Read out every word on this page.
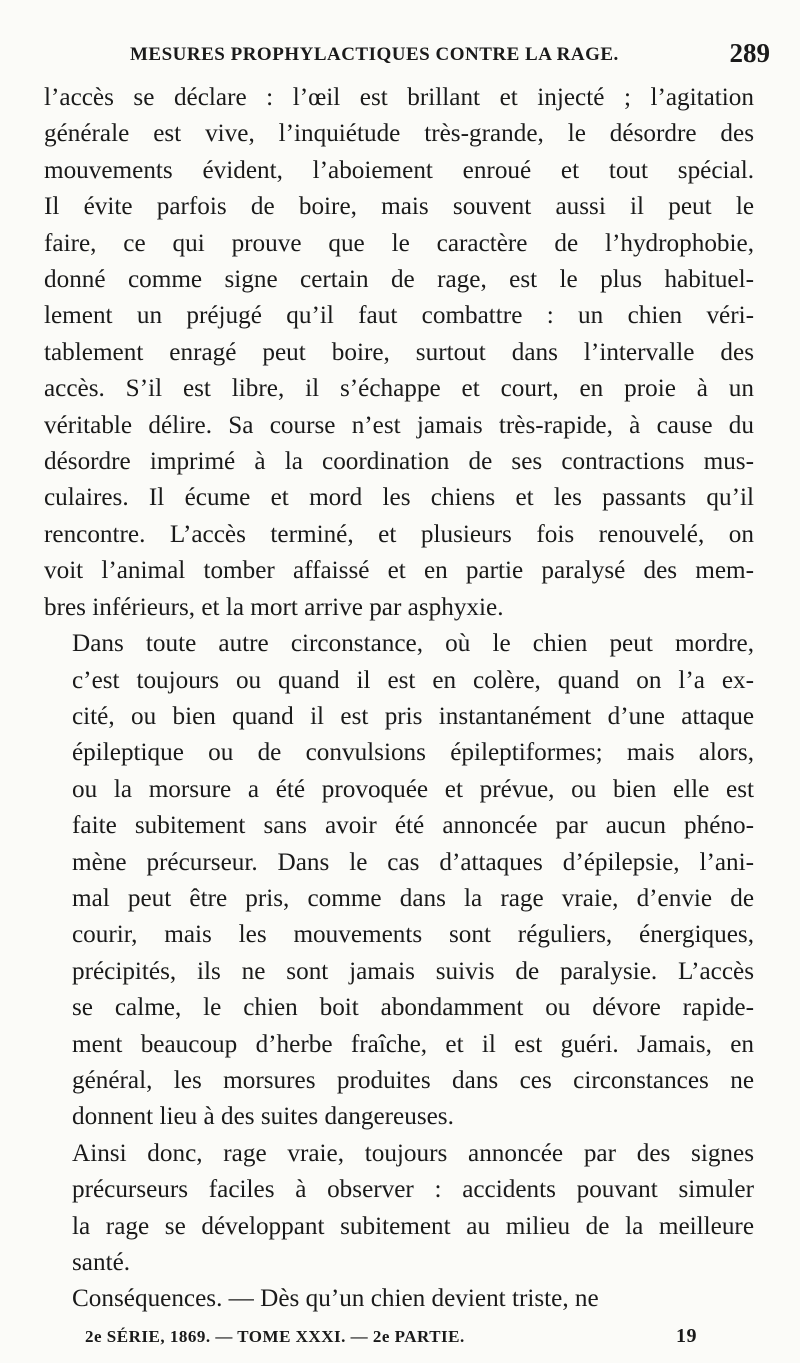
MESURES PROPHYLACTIQUES CONTRE LA RAGE.	289
l’accès se déclare : l’œil est brillant et injecté ; l’agitation
générale est vive, l’inquiétude très-grande, le désordre des
mouvements évident, l’aboiement enroué et tout spécial.
Il évite parfois de boire, mais souvent aussi il peut le
faire, ce qui prouve que le caractère de l’hydrophobie,
donné comme signe certain de rage, est le plus habituel-
lement un préjugé qu’il faut combattre : un chien véri-
tablement enragé peut boire, surtout dans l’intervalle des
accès. S’il est libre, il s’échappe et court, en proie à un
véritable délire. Sa course n’est jamais très-rapide, à cause du
désordre imprimé à la coordination de ses contractions mus-
culaires. Il écume et mord les chiens et les passants qu’il
rencontre. L’accès terminé, et plusieurs fois renouvelé, on
voit l’animal tomber affaissé et en partie paralysé des mem-
bres inférieurs, et la mort arrive par asphyxie.
Dans toute autre circonstance, où le chien peut mordre,
c’est toujours ou quand il est en colère, quand on l’a ex-
cité, ou bien quand il est pris instantanément d’une attaque
épileptique ou de convulsions épileptiformes; mais alors,
ou la morsure a été provoquée et prévue, ou bien elle est
faite subitement sans avoir été annoncée par aucun phéno-
mène précurseur. Dans le cas d’attaques d’épilepsie, l’ani-
mal peut être pris, comme dans la rage vraie, d’envie de
courir, mais les mouvements sont réguliers, énergiques,
précipités, ils ne sont jamais suivis de paralysie. L’accès
se calme, le chien boit abondamment ou dévore rapide-
ment beaucoup d’herbe fraîche, et il est guéri. Jamais, en
général, les morsures produites dans ces circonstances ne
donnent lieu à des suites dangereuses.
Ainsi donc, rage vraie, toujours annoncée par des signes
précurseurs faciles à observer : accidents pouvant simuler
la rage se développant subitement au milieu de la meilleure
santé.
Conséquences. — Dès qu’un chien devient triste, ne
2e SÉRIE, 1869. — TOME XXXI. — 2e PARTIE.	19
